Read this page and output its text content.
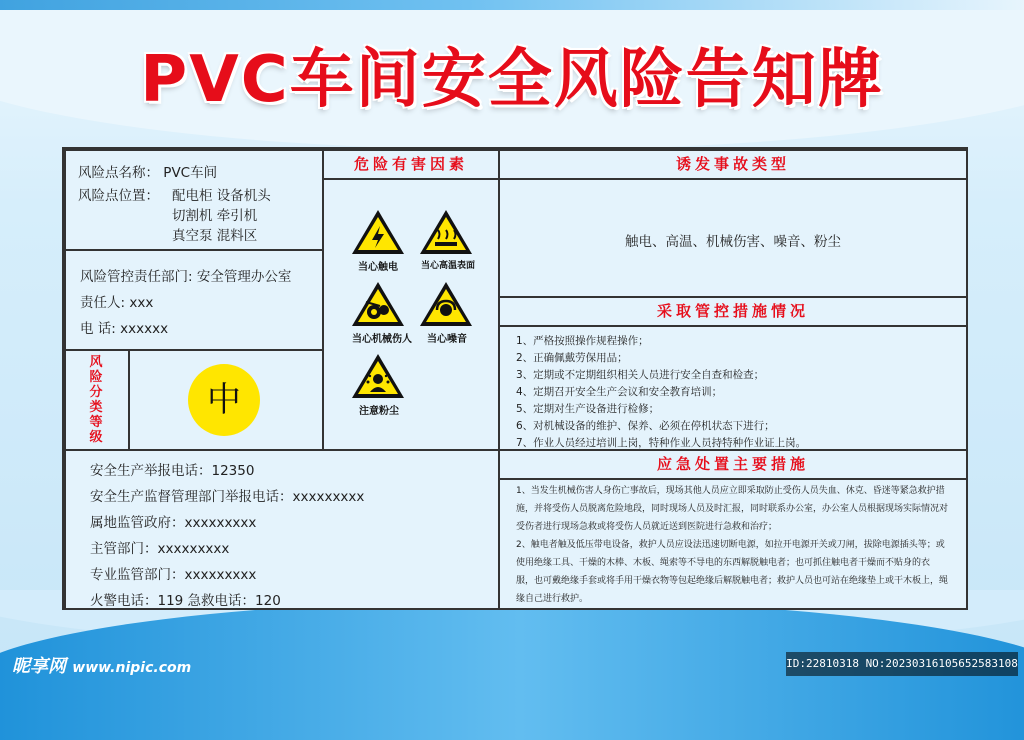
PVC车间安全风险告知牌
风险点名称： PVC车间
风险点位置： 配电柜 设备机头
切割机 牵引机
真空泵 混料区
风险管控责任部门: 安全管理办公室
责任人: xxx
电 话: xxxxxx
风险分类等级
中
危险有害因素
当心触电	当心高温表面
当心机械伤人	当心噪音
注意粉尘
诱发事故类型
触电、高温、机械伤害、噪音、粉尘
采取管控措施情况
1、严格按照操作规程操作；
2、正确佩戴劳保用品；
3、定期或不定期组织相关人员进行安全自查和检查；
4、定期召开安全生产会议和安全教育培训；
5、定期对生产设备进行检修；
6、对机械设备的维护、保养、必须在停机状态下进行；
7、作业人员经过培训上岗，特种作业人员持特种作业证上岗。
安全生产举报电话：12350
安全生产监督管理部门举报电话：xxxxxxxxx
属地监管政府：xxxxxxxxx
主管部门：xxxxxxxxx
专业监管部门：xxxxxxxxx
火警电话：119 急救电话：120
应急处置主要措施
1、当发生机械伤害人身伤亡事故后，现场其他人员应立即采取防止受伤人员失血、休克、昏迷等紧急救护措
施，并将受伤人员脱离危险地段，同时现场人员及时汇报，同时联系办公室，办公室人员根据现场实际情况对
受伤者进行现场急救或将受伤人员就近送到医院进行急救和治疗；
2、触电者触及低压带电设备，救护人员应设法迅速切断电源，如拉开电源开关或刀闸，拔除电源插头等；或
使用绝缘工具、干燥的木棒、木板、绳索等不导电的东西解脱触电者；也可抓住触电者干燥而不贴身的衣
服，也可戴绝缘手套或将手用干燥衣物等包起绝缘后解脱触电者；救护人员也可站在绝缘垫上或干木板上，绳
缘自己进行救护。
昵享网 www.nipic.com	ID:22810318 NO:20230316105652583108
